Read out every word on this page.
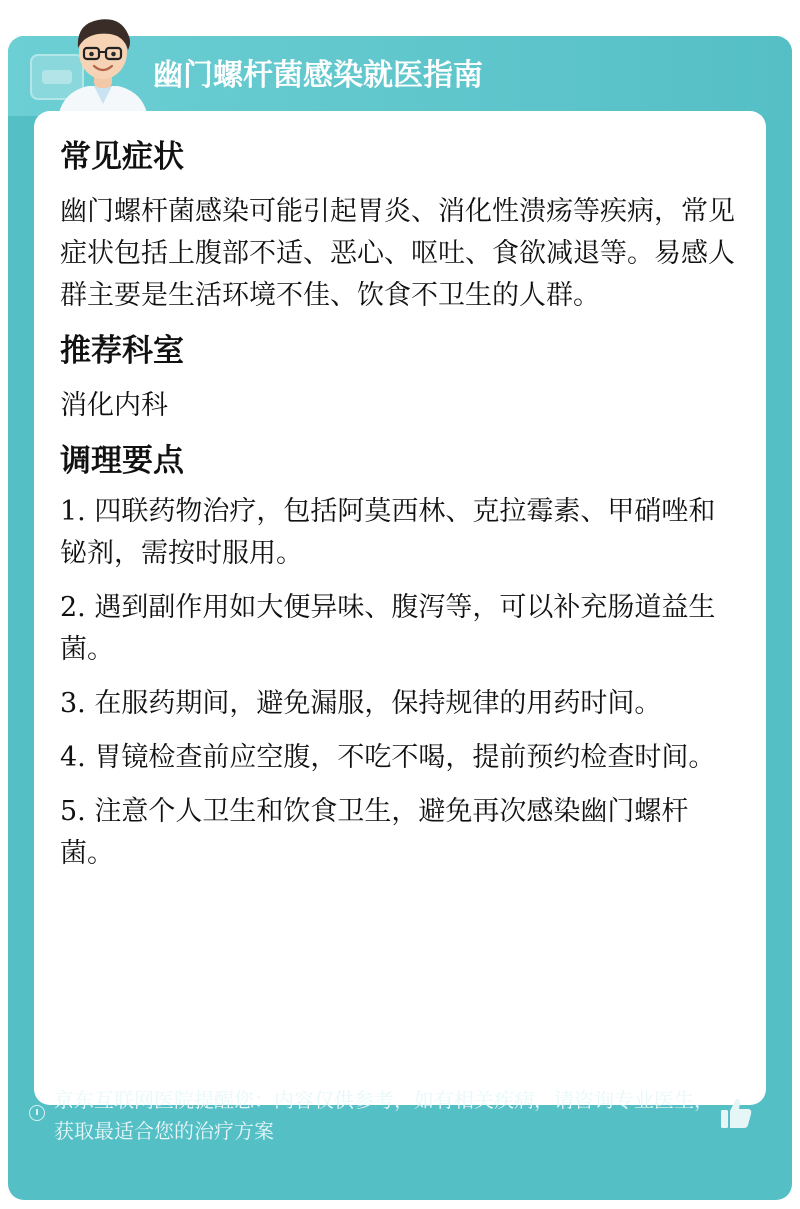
幽门螺杆菌感染就医指南
常见症状

幽门螺杆菌感染可能引起胃炎、消化性溃疡等疾病，常见症状包括上腹部不适、恶心、呕吐、食欲减退等。易感人群主要是生活环境不佳、饮食不卫生的人群。

推荐科室

消化内科

调理要点

1. 四联药物治疗，包括阿莫西林、克拉霉素、甲硝唑和铋剂，需按时服用。

2. 遇到副作用如大便异味、腹泻等，可以补充肠道益生菌。

3. 在服药期间，避免漏服，保持规律的用药时间。

4. 胃镜检查前应空腹，不吃不喝，提前预约检查时间。

5. 注意个人卫生和饮食卫生，避免再次感染幽门螺杆菌。

京东互联网医院提醒您：内容仅供参考，如有相关疾病，请咨询专业医生，获取最适合您的治疗方案
